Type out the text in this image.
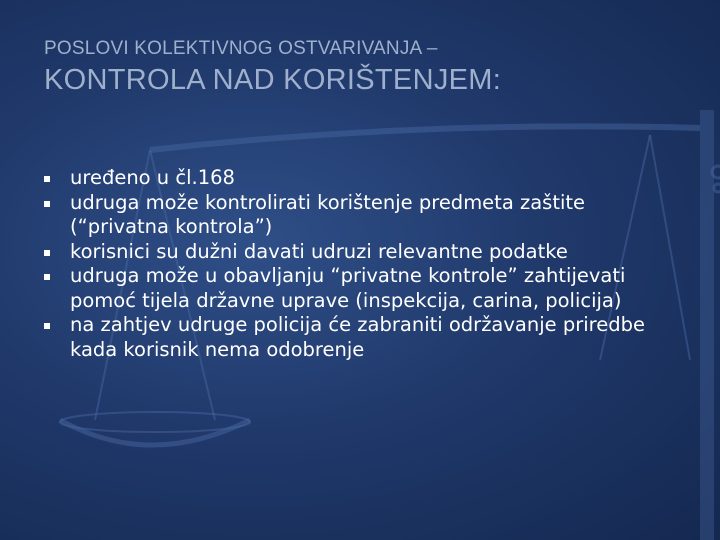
POSLOVI KOLEKTIVNOG OSTVARIVANJA –
KONTROLA NAD KORIŠTENJEM:
uređeno u čl.168
udruga može kontrolirati korištenje predmeta zaštite (“privatna kontrola”)
korisnici su dužni davati udruzi relevantne podatke
udruga može u obavljanju “privatne kontrole” zahtijevati pomoć tijela državne uprave (inspekcija, carina, policija)
na zahtjev udruge policija će zabraniti održavanje priredbe kada korisnik nema odobrenje
